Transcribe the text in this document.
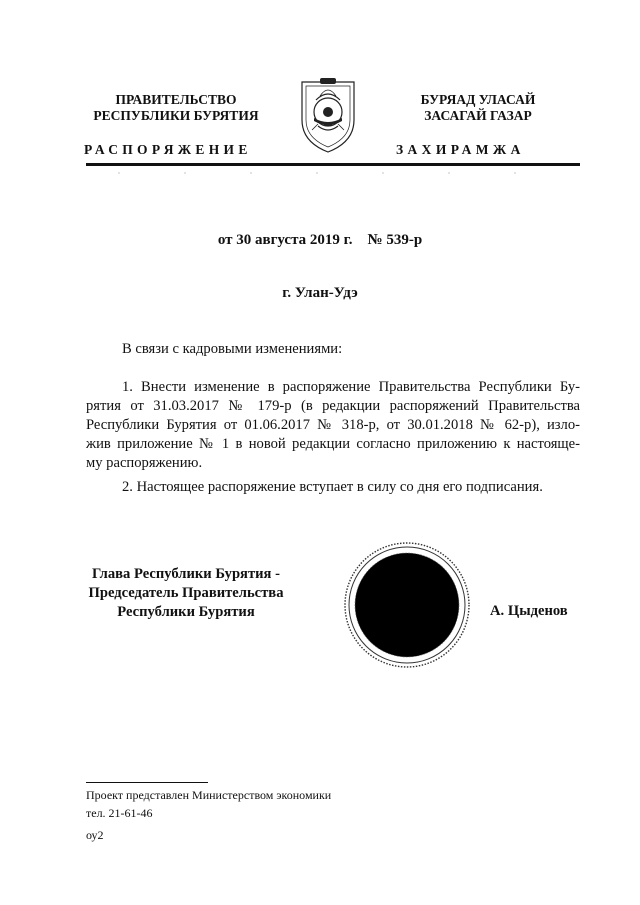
ПРАВИТЕЛЬСТВО
РЕСПУБЛИКИ БУРЯТИЯ
БУРЯАД УЛАСАЙ
ЗАСАГАЙ ГАЗАР
РАСПОРЯЖЕНИЕ	ЗАХИРАМЖА
от 30 августа 2019 г. № 539-р
г. Улан-Удэ
В связи с кадровыми изменениями:
1. Внести изменение в распоряжение Правительства Республики Бу-
рятия от 31.03.2017 № 179-р (в редакции распоряжений Правительства
Республики Бурятия от 01.06.2017 № 318-р, от 30.01.2018 № 62-р), изло-
жив приложение № 1 в новой редакции согласно приложению к настояще-
му распоряжению.
2. Настоящее распоряжение вступает в силу со дня его подписания.
Глава Республики Бурятия -
Председатель Правительства
Республики Бурятия	А. Цыденов
Проект представлен Министерством экономики
тел. 21-61-46
оу2
